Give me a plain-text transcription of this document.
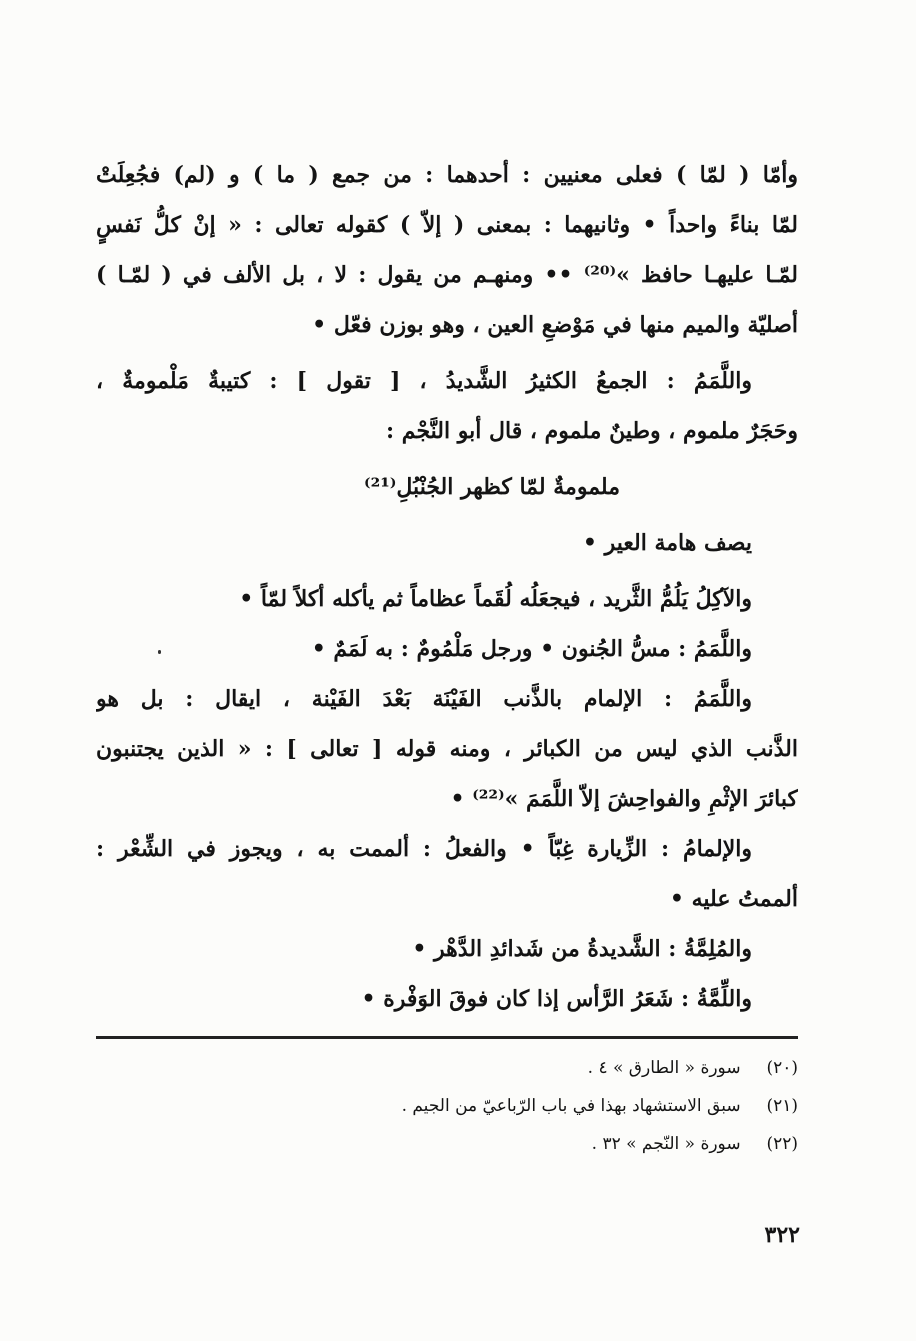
وأمّا ( لمّا ) فعلى معنيين : أحدهما : من جمع ( ما ) و (لم) فجُعِلَتْ
لمّا بناءً واحداً • وثانيهما : بمعنى ( إلاّ ) كقوله تعالى : « إنْ كلُّ نَفسٍ
لمّـا عليهـا حافظ »⁽²⁰⁾ •• ومنهـم من يقول : لا ، بل الألف في ( لمّـا )
أصليّة والميم منها في مَوْضعِ العين ، وهو بوزن فعّل •
واللَّمَمُ : الجمعُ الكثيرُ الشَّديدُ ، [ تقول ] : كتيبةٌ مَلْمومةٌ ،
وحَجَرٌ ملموم ، وطينٌ ملموم ، قال أبو النَّجْم :
ملمومةٌ لمّا كظهر الجُنْبُلِ⁽²¹⁾
يصف هامة العير •
والآكِلُ يَلُمُّ الثَّريد ، فيجعَلُه لُقَماً عظاماً ثم يأكله أكلاً لمّاً •
واللَّمَمُ : مسُّ الجُنون • ورجل مَلْمُومٌ : به لَمَمٌ •
واللَّمَمُ : الإلمام بالذَّنب الفَيْنَة بَعْدَ الفَيْنة ، ايقال : بل هو
الذَّنب الذي ليس من الكبائر ، ومنه قوله [ تعالى ] : « الذين يجتنبون
كبائرَ الإثْمِ والفواحِشَ إلاّ اللَّمَمَ »⁽²²⁾ •
والإلمامُ : الزِّيارة غِبّاً • والفعلُ : ألممت به ، ويجوز في الشِّعْر :
ألممتُ عليه •
والمُلِمَّةُ : الشَّديدةُ من شَدائدِ الدَّهْر •
واللِّمَّةُ : شَعَرُ الرَّأس إذا كان فوقَ الوَفْرة •
(٢٠) سورة « الطارق » ٤ .
(٢١) سبق الاستشهاد بهذا في باب الرّباعيّ من الجيم .
(٢٢) سورة « النّجم » ٣٢ .
٣٢٢
